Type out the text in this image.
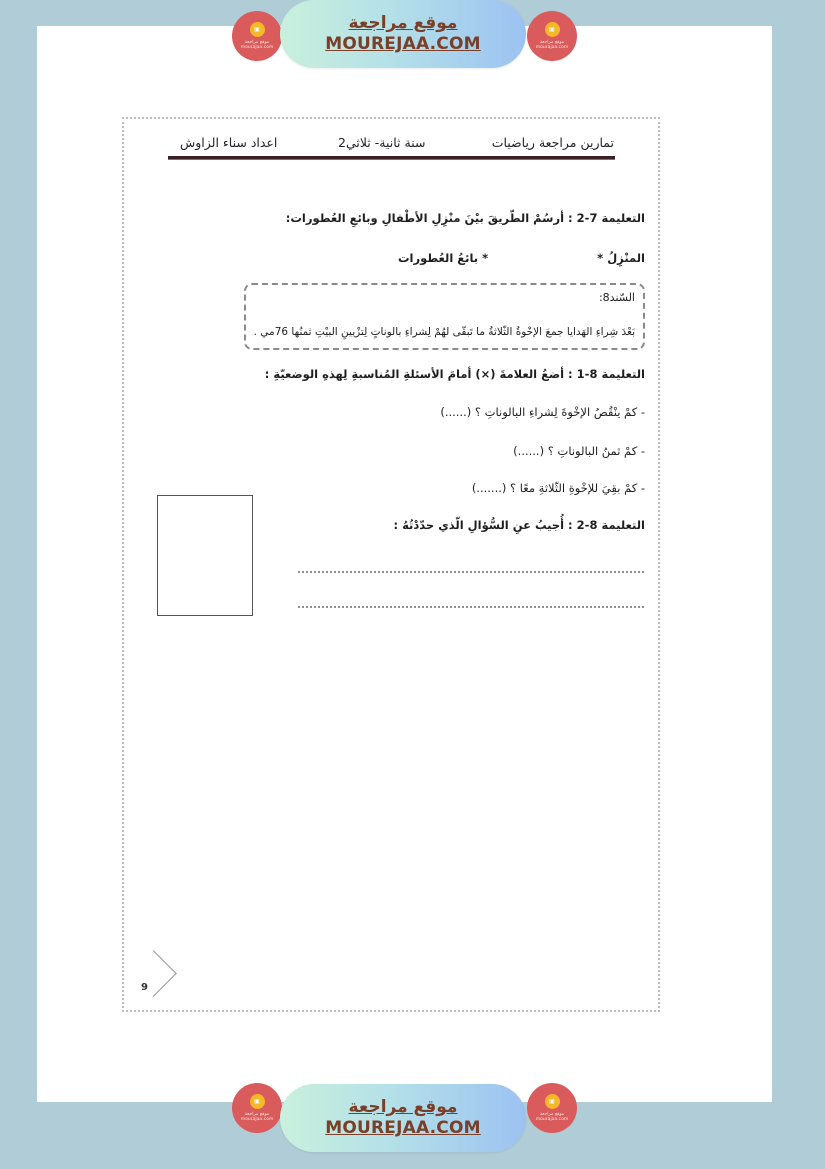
▣
موقع مراجعة mourajaa.com
موقع مراجعة
MOUREJAA.COM
▣
موقع مراجعة mourajaa.com
تمارين مراجعة رياضيات
سنة ثانية- ثلاثي2
اعداد سناء الزاوش
التعليمة 7-2 : أرسُمْ الطّريقَ بيْنَ منْزِلِ الأطْفالِ وبائعِ العُطورات:
المنْزِلُ *
* بائعُ العُطورات
السّند8:
بَعْدَ شِراءِ الهَدايا جمعَ الإخْوةُ الثّلاثةُ ما تَبقّى لهُمْ لِشراءِ بالوناتٍ لِتزْيينِ البيْتِ ثمنُها 76مي .
التعليمة 8-1 : أضعُ العلامةَ (×) أمامَ الأسئلةِ المُناسبةِ لِهذهِ الوضعيّةِ :
- كمْ ينْقُصُ الإخْوةَ لِشراءِ البالوناتِ ؟ (......)
- كمْ ثمنُ البالوناتِ ؟ (......)
- كمْ بقِيَ للإخْوةِ الثّلاثةِ معًا ؟ (.......)
التعليمة 8-2 : أُجيبُ عنِ السُّؤالِ الّذي حدّدْتُهُ :
9
▣
موقع مراجعة mourajaa.com
موقع مراجعة
MOUREJAA.COM
▣
موقع مراجعة mourajaa.com
